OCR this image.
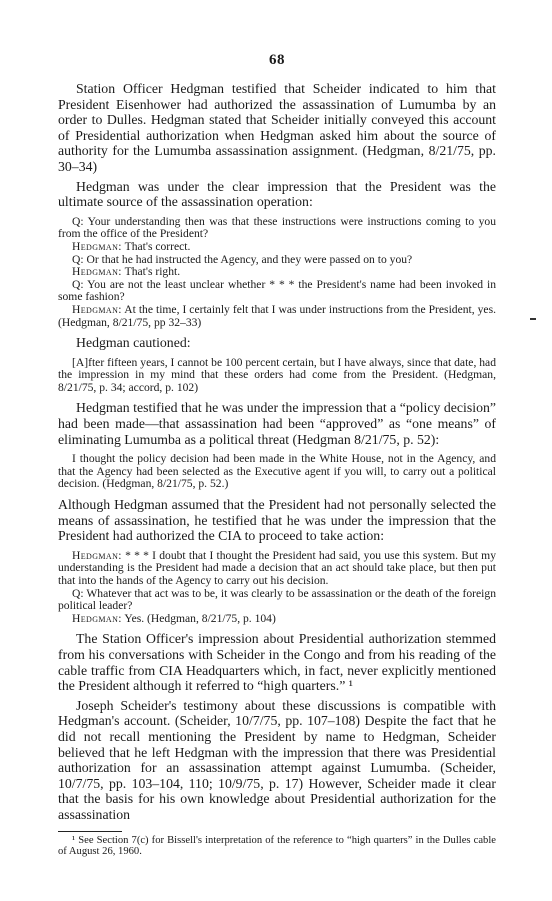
68

Station Officer Hedgman testified that Scheider indicated to him that President Eisenhower had authorized the assassination of Lumumba by an order to Dulles. Hedgman stated that Scheider initially conveyed this account of Presidential authorization when Hedgman asked him about the source of authority for the Lumumba assassination assignment. (Hedgman, 8/21/75, pp. 30–34)

Hedgman was under the clear impression that the President was the ultimate source of the assassination operation:

Q: Your understanding then was that these instructions were instructions coming to you from the office of the President?

Hedgman: That's correct.

Q: Or that he had instructed the Agency, and they were passed on to you?

Hedgman: That's right.

Q: You are not the least unclear whether * * * the President's name had been invoked in some fashion?

Hedgman: At the time, I certainly felt that I was under instructions from the President, yes. (Hedgman, 8/21/75, pp 32–33)

Hedgman cautioned:

[A]fter fifteen years, I cannot be 100 percent certain, but I have always, since that date, had the impression in my mind that these orders had come from the President. (Hedgman, 8/21/75, p. 34; accord, p. 102)

Hedgman testified that he was under the impression that a “policy decision” had been made—that assassination had been “approved” as “one means” of eliminating Lumumba as a political threat (Hedgman 8/21/75, p. 52):

I thought the policy decision had been made in the White House, not in the Agency, and that the Agency had been selected as the Executive agent if you will, to carry out a political decision. (Hedgman, 8/21/75, p. 52.)

Although Hedgman assumed that the President had not personally selected the means of assassination, he testified that he was under the impression that the President had authorized the CIA to proceed to take action:

Hedgman: * * * I doubt that I thought the President had said, you use this system. But my understanding is the President had made a decision that an act should take place, but then put that into the hands of the Agency to carry out his decision.

Q: Whatever that act was to be, it was clearly to be assassination or the death of the foreign political leader?

Hedgman: Yes. (Hedgman, 8/21/75, p. 104)

The Station Officer's impression about Presidential authorization stemmed from his conversations with Scheider in the Congo and from his reading of the cable traffic from CIA Headquarters which, in fact, never explicitly mentioned the President although it referred to “high quarters.” ¹

Joseph Scheider's testimony about these discussions is compatible with Hedgman's account. (Scheider, 10/7/75, pp. 107–108) Despite the fact that he did not recall mentioning the President by name to Hedgman, Scheider believed that he left Hedgman with the impression that there was Presidential authorization for an assassination attempt against Lumumba. (Scheider, 10/7/75, pp. 103–104, 110; 10/9/75, p. 17) However, Scheider made it clear that the basis for his own knowledge about Presidential authorization for the assassination

¹ See Section 7(c) for Bissell's interpretation of the reference to “high quarters” in the Dulles cable of August 26, 1960.
